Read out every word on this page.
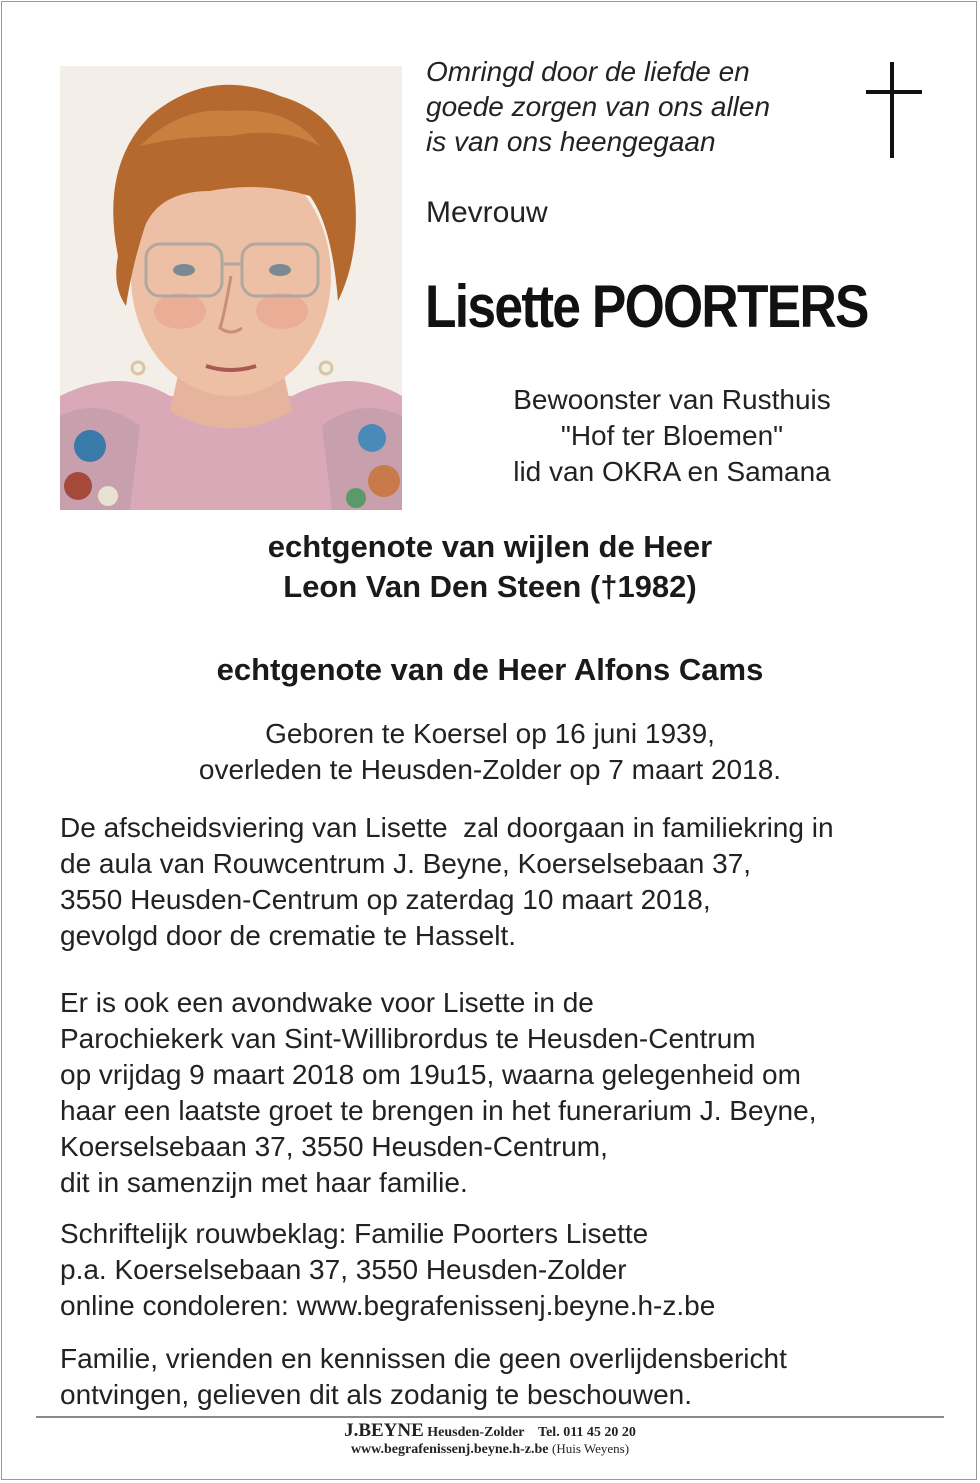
Omringd door de liefde en
goede zorgen van ons allen
is van ons heengegaan
Mevrouw
Lisette POORTERS
Bewoonster van Rusthuis
"Hof ter Bloemen"
lid van OKRA en Samana
echtgenote van wijlen de Heer
Leon Van Den Steen (†1982)
echtgenote van de Heer Alfons Cams
Geboren te Koersel op 16 juni 1939,
overleden te Heusden-Zolder op 7 maart 2018.
De afscheidsviering van Lisette  zal doorgaan in familiekring in
de aula van Rouwcentrum J. Beyne, Koerselsebaan 37,
3550 Heusden-Centrum op zaterdag 10 maart 2018,
gevolgd door de crematie te Hasselt.
Er is ook een avondwake voor Lisette in de
Parochiekerk van Sint-Willibrordus te Heusden-Centrum
op vrijdag 9 maart 2018 om 19u15, waarna gelegenheid om
haar een laatste groet te brengen in het funerarium J. Beyne,
Koerselsebaan 37, 3550 Heusden-Centrum,
dit in samenzijn met haar familie.
Schriftelijk rouwbeklag: Familie Poorters Lisette
p.a. Koerselsebaan 37, 3550 Heusden-Zolder
online condoleren: www.begrafenissenj.beyne.h-z.be
Familie, vrienden en kennissen die geen overlijdensbericht
ontvingen, gelieven dit als zodanig te beschouwen.
J.BEYNE Heusden-Zolder Tel. 011 45 20 20
www.begrafenissenj.beyne.h-z.be (Huis Weyens)
